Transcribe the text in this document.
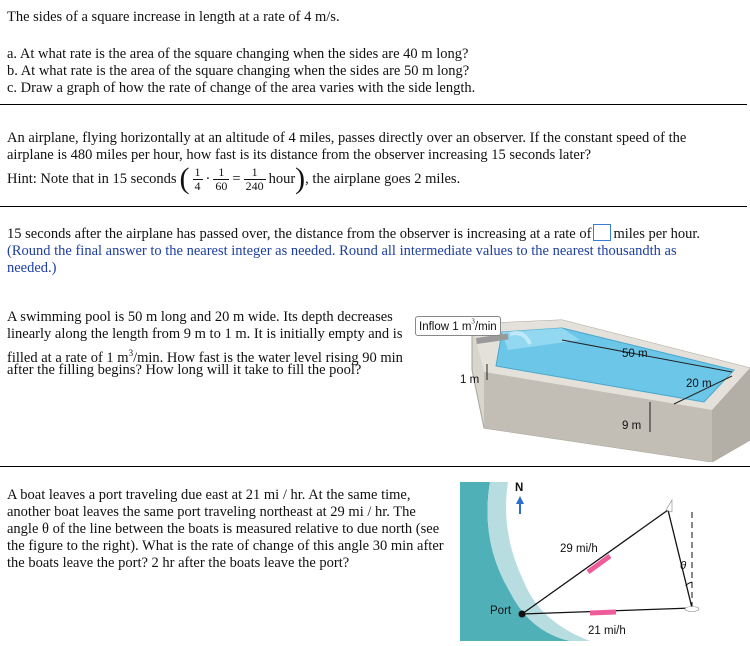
The sides of a square increase in length at a rate of 4 m/s.
a. At what rate is the area of the square changing when the sides are 40 m long?
b. At what rate is the area of the square changing when the sides are 50 m long?
c. Draw a graph of how the rate of change of the area varies with the side length.
An airplane, flying horizontally at an altitude of 4 miles, passes directly over an observer. If the constant speed of the
airplane is 480 miles per hour, how fast is its distance from the observer increasing 15 seconds later?
Hint: Note that in 15 seconds ( $\frac{1}{4} \cdot \frac{1}{60} = \frac{1}{240}$ hour ) , the airplane goes 2 miles.
15 seconds after the airplane has passed over, the distance from the observer is increasing at a rate of miles per hour.
(Round the final answer to the nearest integer as needed. Round all intermediate values to the nearest thousandth as
needed.)
A swimming pool is 50 m long and 20 m wide. Its depth decreases
linearly along the length from 9 m to 1 m. It is initially empty and is
filled at a rate of 1 $m^3/\min$. How fast is the water level rising 90 min
after the filling begins? How long will it take to fill the pool?
Inflow 1 $m^3/\min$
50 m
20 m
1 m
9 m
A boat leaves a port traveling due east at 21 mi / hr. At the same time,
another boat leaves the same port traveling northeast at 29 mi / hr. The
angle θ of the line between the boats is measured relative to due north (see
the figure to the right). What is the rate of change of this angle 30 min after
the boats leave the port? 2 hr after the boats leave the port?
N
Port
29 mi/h
21 mi/h
θ
